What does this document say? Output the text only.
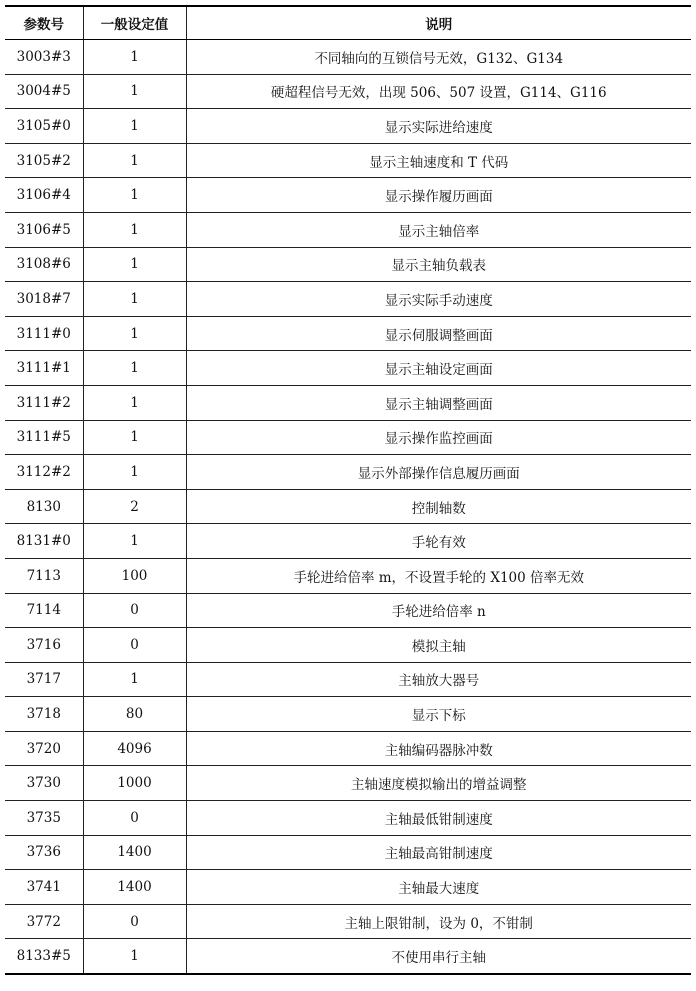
参数号	一般设定值	说明
3003#3	1	不同轴向的互锁信号无效，G132、G134
3004#5	1	硬超程信号无效，出现 506、507 设置，G114、G116
3105#0	1	显示实际进给速度
3105#2	1	显示主轴速度和 T 代码
3106#4	1	显示操作履历画面
3106#5	1	显示主轴倍率
3108#6	1	显示主轴负载表
3018#7	1	显示实际手动速度
3111#0	1	显示伺服调整画面
3111#1	1	显示主轴设定画面
3111#2	1	显示主轴调整画面
3111#5	1	显示操作监控画面
3112#2	1	显示外部操作信息履历画面
8130	2	控制轴数
8131#0	1	手轮有效
7113	100	手轮进给倍率 m，不设置手轮的 X100 倍率无效
7114	0	手轮进给倍率 n
3716	0	模拟主轴
3717	1	主轴放大器号
3718	80	显示下标
3720	4096	主轴编码器脉冲数
3730	1000	主轴速度模拟输出的增益调整
3735	0	主轴最低钳制速度
3736	1400	主轴最高钳制速度
3741	1400	主轴最大速度
3772	0	主轴上限钳制，设为 0，不钳制
8133#5	1	不使用串行主轴
